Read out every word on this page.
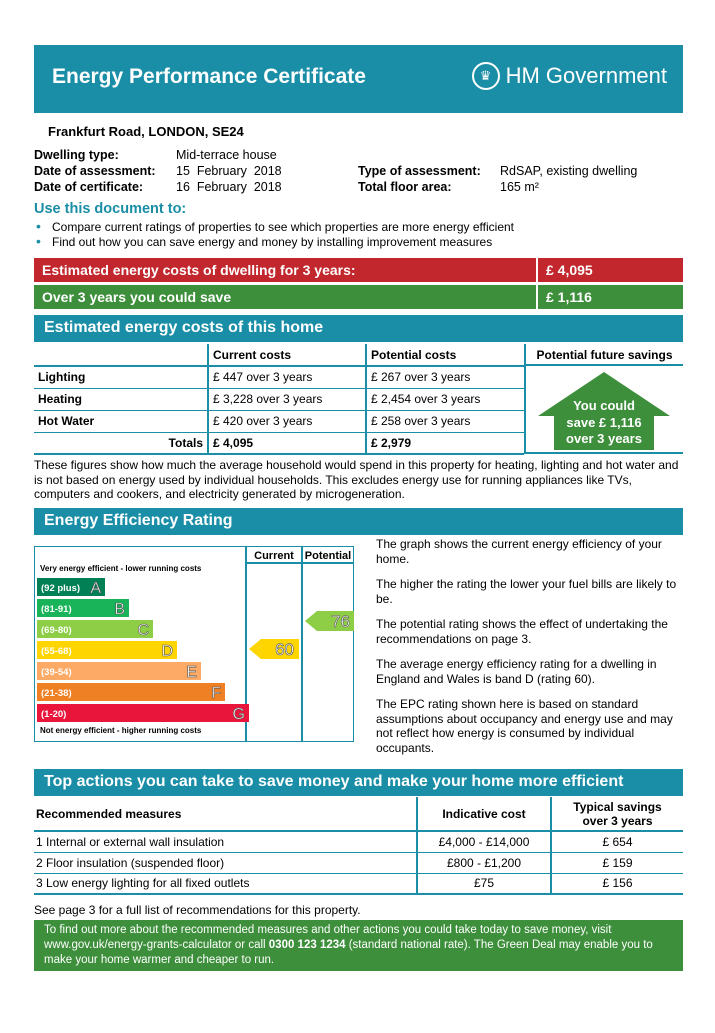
Energy Performance Certificate	♛ HM Government
Frankfurt Road, LONDON, SE24
Dwelling type:	Mid-terrace house
Date of assessment: 15  February  2018
Date of certificate:	16  February  2018
Type of assessment: RdSAP, existing dwelling
Total floor area:	165 m²
Use this document to:
• Compare current ratings of properties to see which properties are more energy efficient
• Find out how you can save energy and money by installing improvement measures
Estimated energy costs of dwelling for 3 years:	£ 4,095
Over 3 years you could save	£ 1,116
Estimated energy costs of this home
	Current costs	Potential costs
Lighting	£ 447 over 3 years	£ 267 over 3 years
Heating	£ 3,228 over 3 years	£ 2,454 over 3 years
Hot Water	£ 420 over 3 years	£ 258 over 3 years
Totals	£ 4,095	£ 2,979
Potential future savings
You could
save £ 1,116
over 3 years
These figures show how much the average household would spend in this property for heating, lighting and hot water and is not based on energy used by individual households. This excludes energy use for running appliances like TVs, computers and cookers, and electricity generated by microgeneration.
Energy Efficiency Rating
Current Potential
Very energy efficient - lower running costs
Not energy efficient - higher running costs
(92 plus) A
(81-91)	B
(69-80)	C
(55-68)	D
(39-54)	E
(21-38)	F
(1-20)	G
60
76

The graph shows the current energy efficiency of your home.

The higher the rating the lower your fuel bills are likely to be.

The potential rating shows the effect of undertaking the recommendations on page 3.

The average energy efficiency rating for a dwelling in England and Wales is band D (rating 60).

The EPC rating shown here is based on standard assumptions about occupancy and energy use and may not reflect how energy is consumed by individual occupants.

Top actions you can take to save money and make your home more efficient
Recommended measures	Indicative cost	Typical savings over 3 years
1 Internal or external wall insulation	£4,000 - £14,000	£ 654
2 Floor insulation (suspended floor)	£800 - £1,200	£ 159
3 Low energy lighting for all fixed outlets	£75	£ 156
See page 3 for a full list of recommendations for this property.
To find out more about the recommended measures and other actions you could take today to save money, visit www.gov.uk/energy-grants-calculator or call 0300 123 1234 (standard national rate). The Green Deal may enable you to make your home warmer and cheaper to run.
